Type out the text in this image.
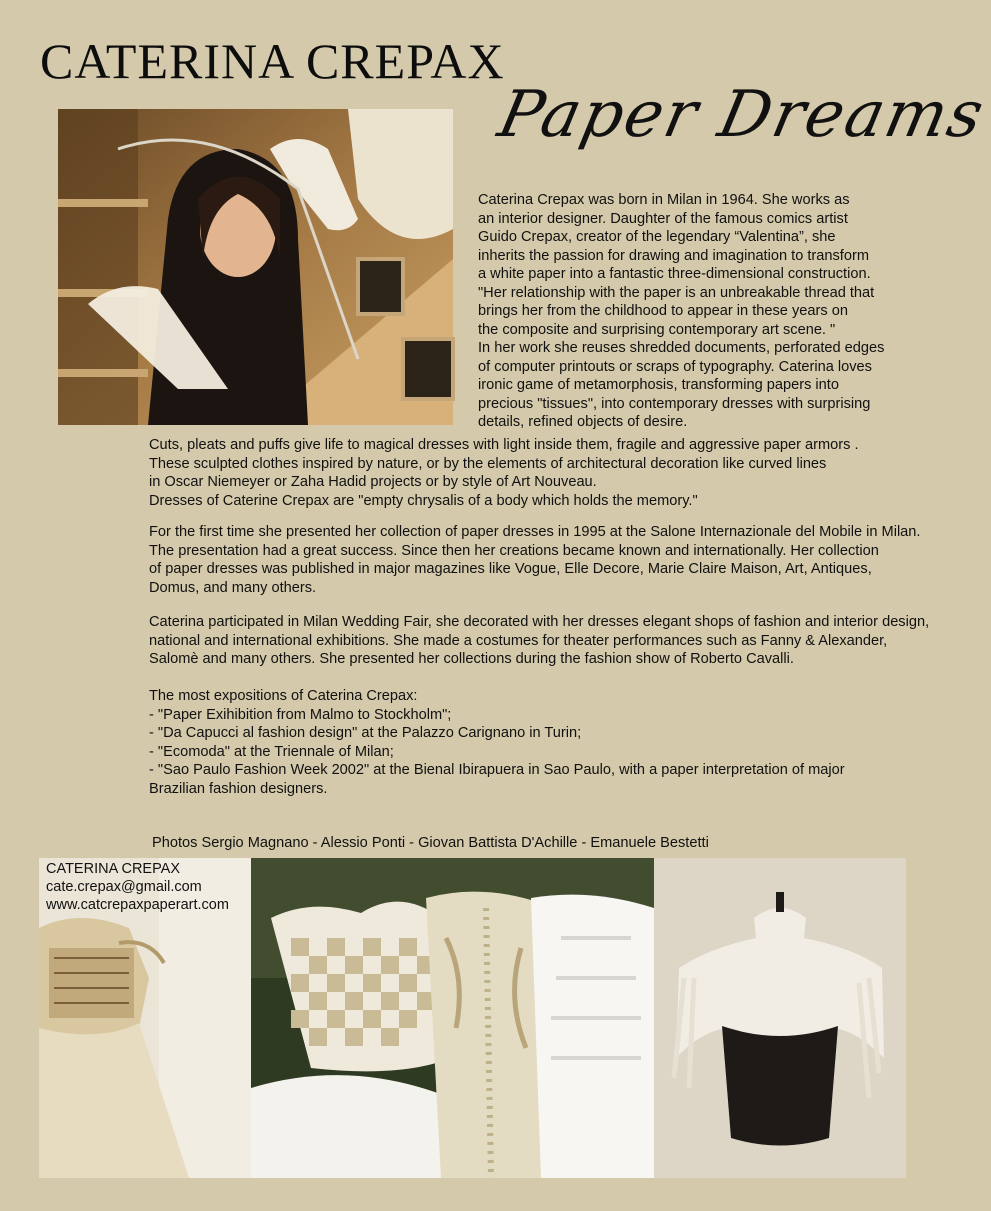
CATERINA CREPAX
Paper Dreams

Caterina Crepax was born in Milan in 1964. She works as

an interior designer. Daughter of the famous comics artist

Guido Crepax, creator of the legendary “Valentina”, she

inherits the passion for drawing and imagination to transform

a white paper into a fantastic three-dimensional construction.

"Her relationship with the paper is an unbreakable thread that

brings her from the childhood to appear in these years on

the composite and surprising contemporary art scene. "

In her work she reuses shredded documents, perforated edges

of computer printouts or scraps of typography. Caterina loves

ironic game of metamorphosis, transforming papers into

precious "tissues", into contemporary dresses with surprising

details, refined objects of desire.

Cuts, pleats and puffs give life to magical dresses with light inside them, fragile and aggressive paper armors .

These sculpted clothes inspired by nature, or by the elements of architectural decoration like curved lines

in Oscar Niemeyer or Zaha Hadid projects or by style of Art Nouveau.

Dresses of Caterine Crepax are "empty chrysalis of a body which holds the memory."

For the first time she presented her collection of paper dresses in 1995 at the Salone Internazionale del Mobile in Milan.

The presentation had a great success. Since then her creations became known and internationally. Her collection

of paper dresses was published in major magazines like Vogue, Elle Decore, Marie Claire Maison, Art, Antiques,

Domus, and many others.

Caterina participated in Milan Wedding Fair, she decorated with her dresses elegant shops of fashion and interior design,

national and international exhibitions. She made a costumes for theater performances such as Fanny & Alexander,

Salomè and many others. She presented her collections during the fashion show of Roberto Cavalli.

The most expositions of Caterina Crepax:

- "Paper Exihibition from Malmo to Stockholm";

- "Da Capucci al fashion design" at the Palazzo Carignano in Turin;

- "Ecomoda" at the Triennale of Milan;

- "Sao Paulo Fashion Week 2002" at the Bienal Ibirapuera in Sao Paulo, with a paper interpretation of major

Brazilian fashion designers.

Photos Sergio Magnano - Alessio Ponti - Giovan Battista D'Achille - Emanuele Bestetti
CATERINA CREPAX
cate.crepax@gmail.com
www.catcrepaxpaperart.com
